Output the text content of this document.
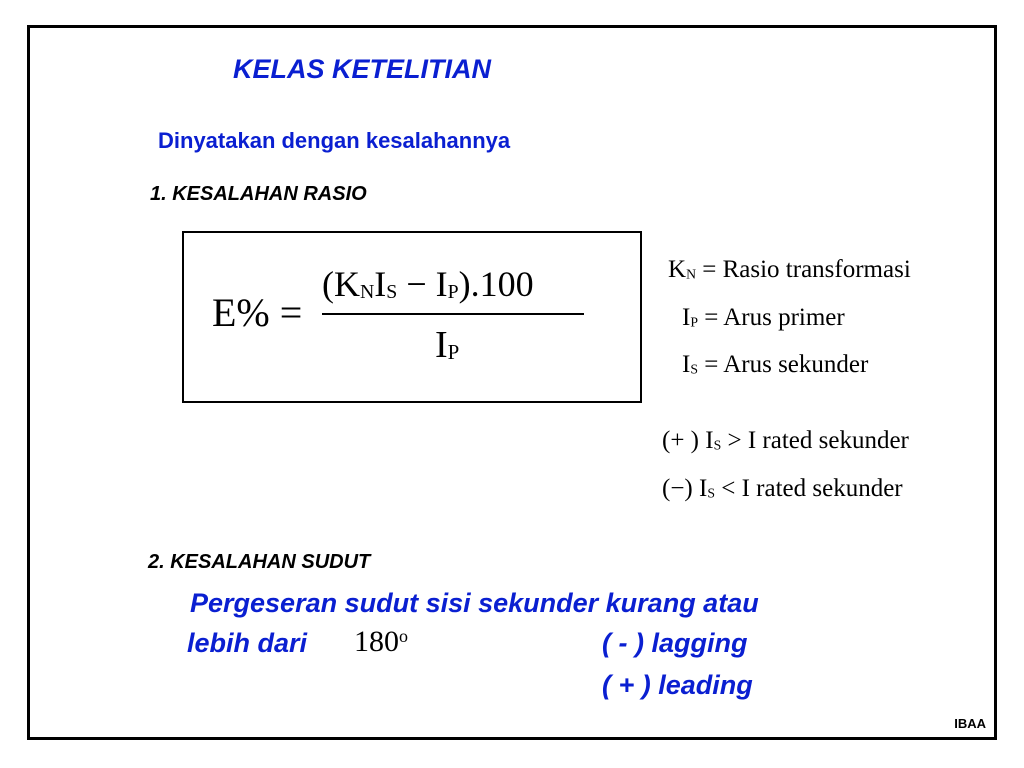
KELAS KETELITIAN
Dinyatakan dengan kesalahannya
1. KESALAHAN RASIO
E% =
$(K_NI_S - I_P).100$
$I_P$
$K_N$ = Rasio transformasi
$I_P$ = Arus primer
$I_S$ = Arus sekunder
(+ ) $I_S > I$ rated sekunder
(−) $I_S < I$ rated sekunder
2. KESALAHAN SUDUT
Pergeseran sudut sisi sekunder kurang atau
lebih dari 180$^o$	( - ) lagging
( + ) leading
IBAA
